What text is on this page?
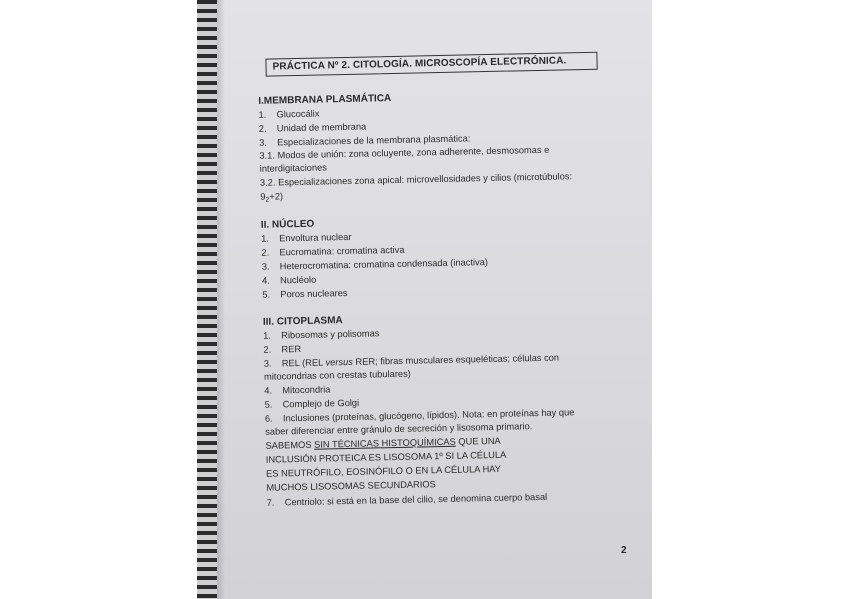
PRÁCTICA Nº 2. CITOLOGÍA. MICROSCOPÍA ELECTRÓNICA.
I.MEMBRANA PLASMÁTICA
1. Glucocálix
2. Unidad de membrana
3. Especializaciones de la membrana plasmática:
3.1. Modos de unión: zona ocluyente, zona adherente, desmosomas e
interdigitaciones
3.2. Especializaciones zona apical: microvellosidades y cilios (microtúbulos:
$9_2+2$)
II. NÚCLEO
1. Envoltura nuclear
2. Eucromatina: cromatina activa
3. Heterocromatina: cromatina condensada (inactiva)
4. Nucléolo
5. Poros nucleares
III. CITOPLASMA
1. Ribosomas y polisomas
2. RER
3. REL (REL versus RER; fibras musculares esqueléticas; células con
mitocondrias con crestas tubulares)
4. Mitocondria
5. Complejo de Golgi
6. Inclusiones (proteínas, glucógeno, lípidos). Nota: en proteínas hay que
saber diferenciar entre gránulo de secreción y lisosoma primario.
SABEMOS SIN TÉCNICAS HISTOQUÍMICAS QUE UNA
INCLUSIÓN PROTEICA ES LISOSOMA 1º SI LA CÉLULA
ES NEUTRÓFILO, EOSINÓFILO O EN LA CÉLULA HAY
MUCHOS LISOSOMAS SECUNDARIOS
7. Centriolo: si está en la base del cilio, se denomina cuerpo basal
2
